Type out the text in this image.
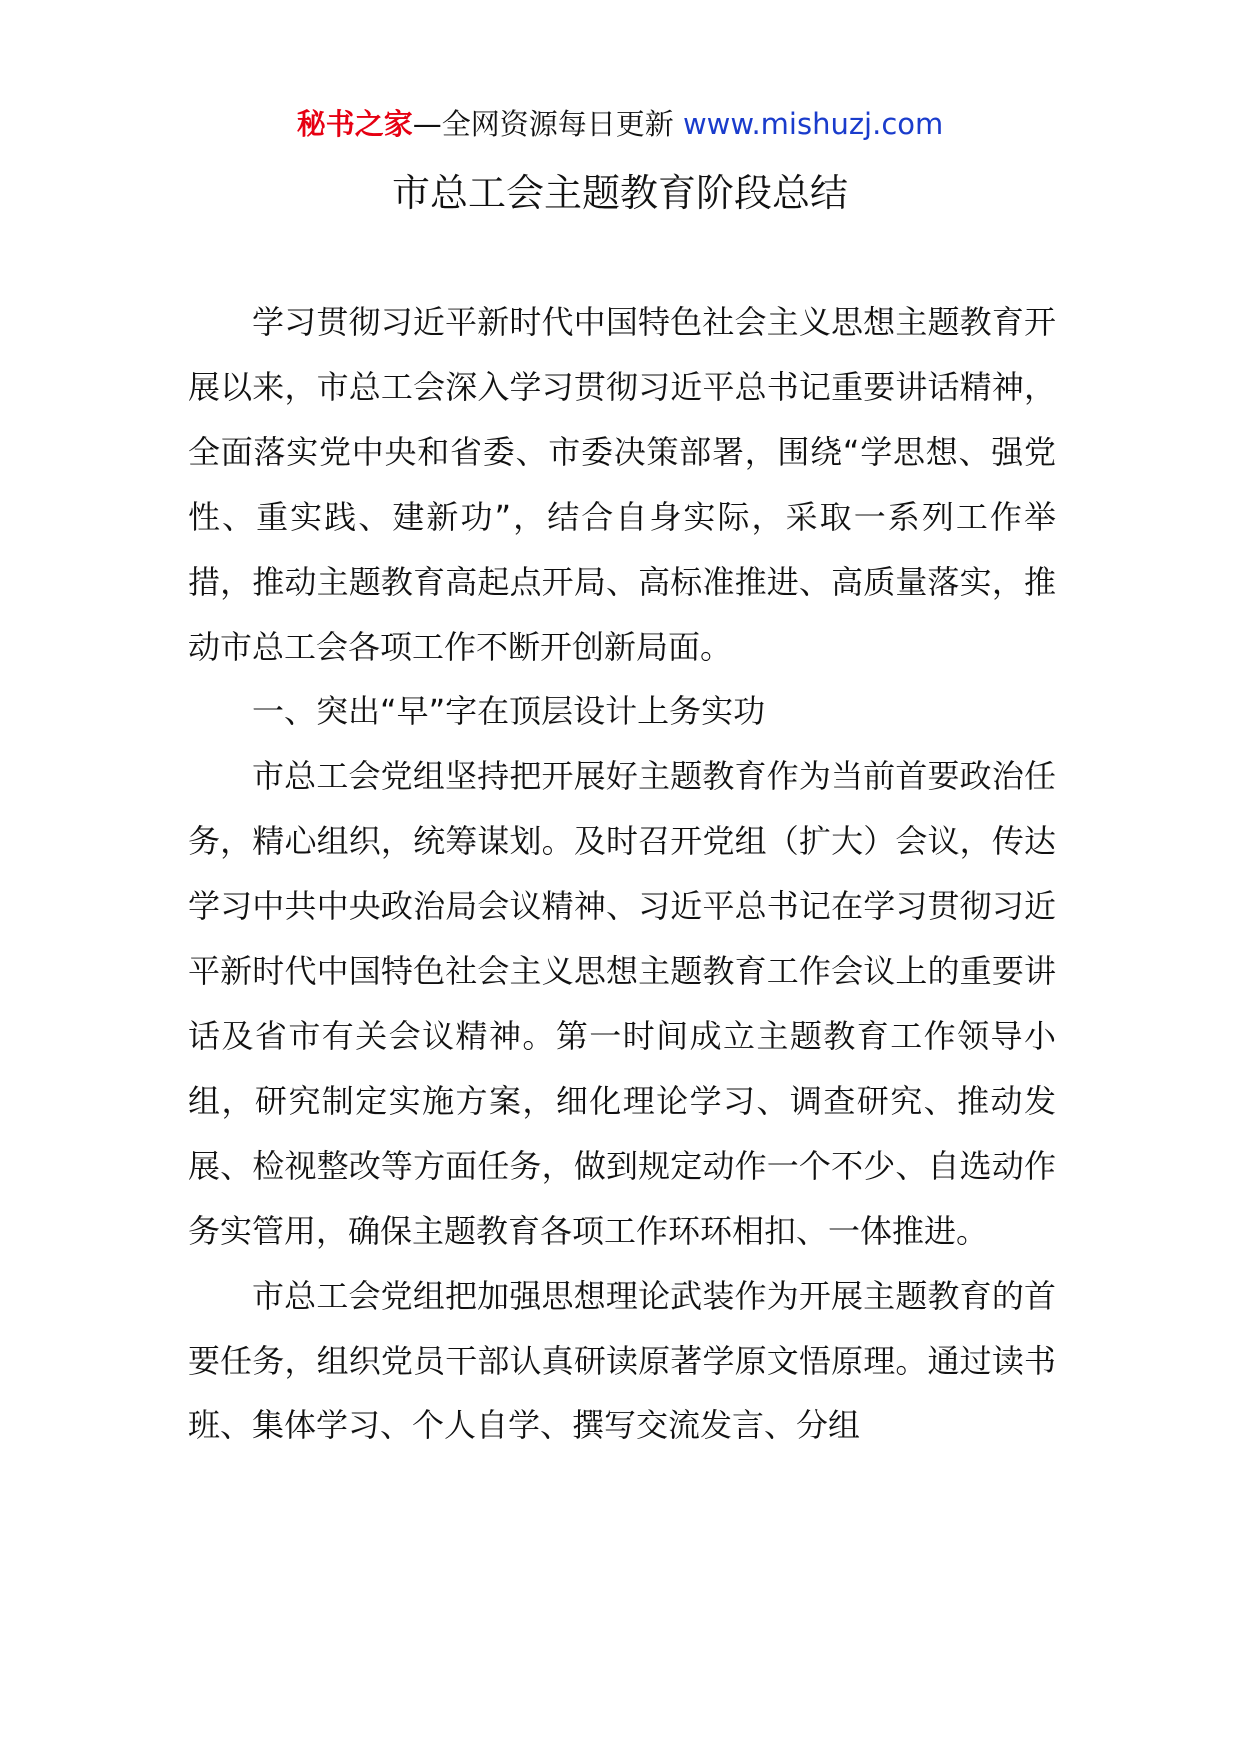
秘书之家—全网资源每日更新 www.mishuzj.com
市总工会主题教育阶段总结

学习贯彻习近平新时代中国特色社会主义思想主题教育开展以来，市总工会深入学习贯彻习近平总书记重要讲话精神，全面落实党中央和省委、市委决策部署，围绕“学思想、强党性、重实践、建新功”，结合自身实际，采取一系列工作举措，推动主题教育高起点开局、高标准推进、高质量落实，推动市总工会各项工作不断开创新局面。

一、突出“早”字在顶层设计上务实功

市总工会党组坚持把开展好主题教育作为当前首要政治任务，精心组织，统筹谋划。及时召开党组（扩大）会议，传达学习中共中央政治局会议精神、习近平总书记在学习贯彻习近平新时代中国特色社会主义思想主题教育工作会议上的重要讲话及省市有关会议精神。第一时间成立主题教育工作领导小组，研究制定实施方案，细化理论学习、调查研究、推动发展、检视整改等方面任务，做到规定动作一个不少、自选动作务实管用，确保主题教育各项工作环环相扣、一体推进。

市总工会党组把加强思想理论武装作为开展主题教育的首要任务，组织党员干部认真研读原著学原文悟原理。通过读书班、集体学习、个人自学、撰写交流发言、分组
